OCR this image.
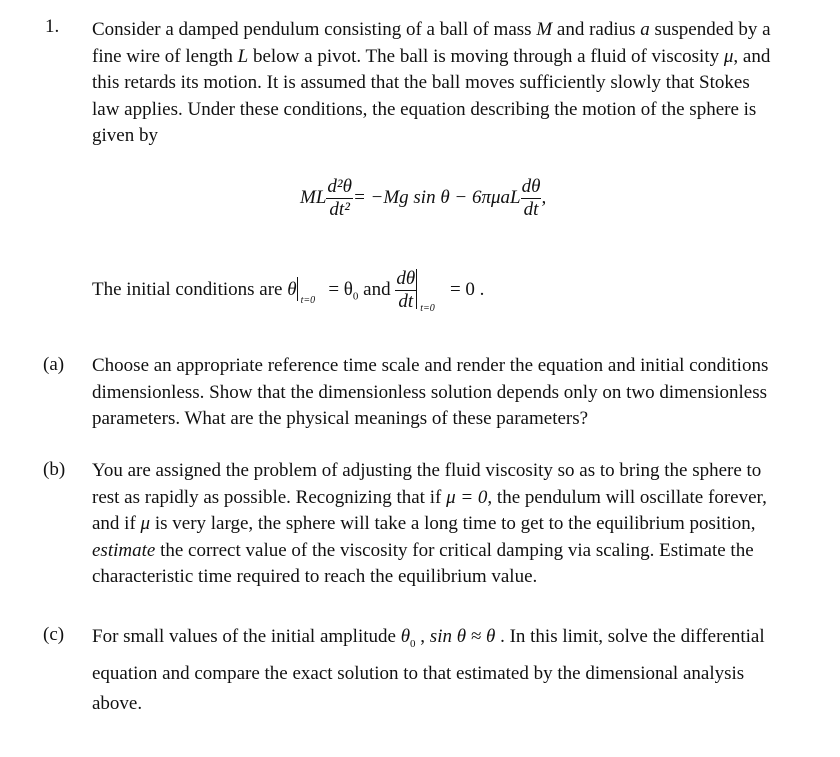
1. Consider a damped pendulum consisting of a ball of mass M and radius a suspended by a
fine wire of length L below a pivot. The ball is moving through a fluid of viscosity μ, and
this retards its motion. It is assumed that the ball moves sufficiently slowly that Stokes
law applies. Under these conditions, the equation describing the motion of the sphere is
given by
ML $\frac{\text{d²θ}}{\text{dt²}} = -Mg$ $\sin \theta - 6\pi\mu aL \frac{d\theta}{dt}$ ,
The initial conditions are θ
t=0
= $\theta_0$ and $\frac{d\theta}{dt} t=0$
= 0 .
(a) Choose an appropriate reference time scale and render the equation and initial conditions
dimensionless. Show that the dimensionless solution depends only on two dimensionless
parameters. What are the physical meanings of these parameters?
(b) You are assigned the problem of adjusting the fluid viscosity so as to bring the sphere to
rest as rapidly as possible. Recognizing that if μ = 0, the pendulum will oscillate forever,
and if μ is very large, the sphere will take a long time to get to the equilibrium position,
estimate the correct value of the viscosity for critical damping via scaling. Estimate the
characteristic time required to reach the equilibrium value.
(c) For small values of the initial amplitude $\theta_0$ , sin θ ≈ θ . In this limit, solve the differential
equation and compare the exact solution to that estimated by the dimensional analysis
above.
